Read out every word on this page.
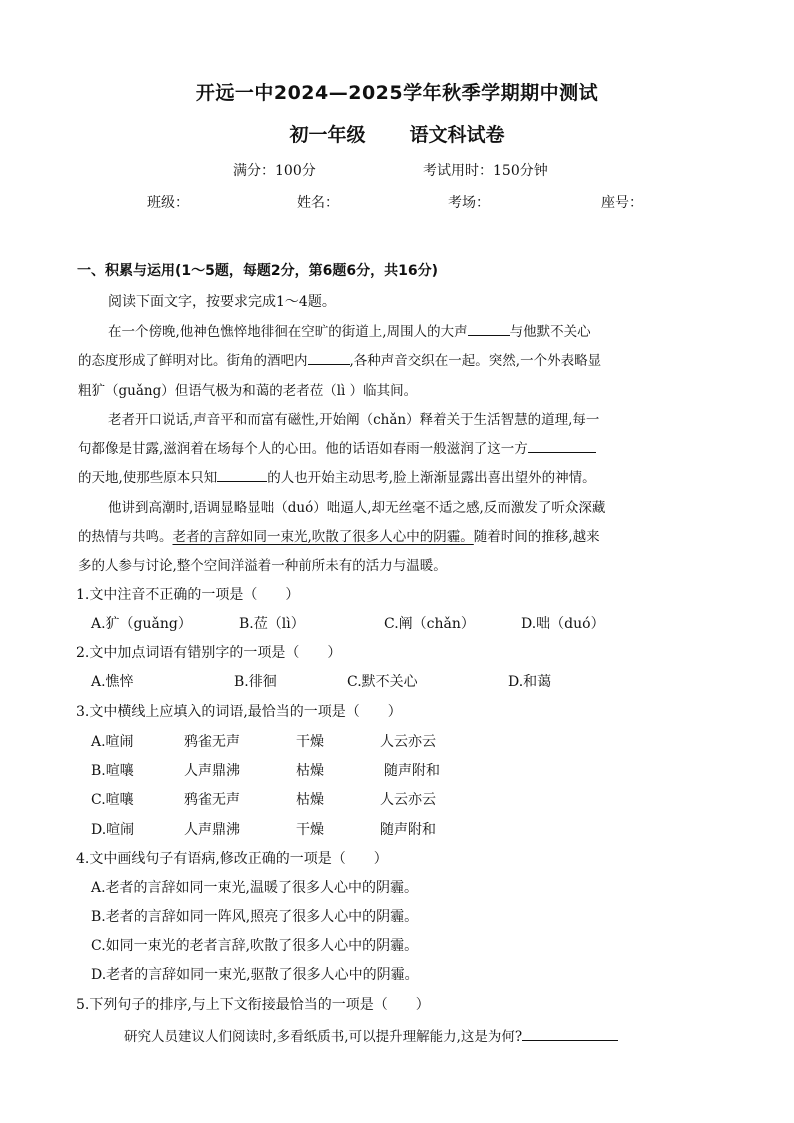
开远一中2024—2025学年秋季学期期中测试
初一年级 语文科试卷
满分：100分	考试用时：150分钟
班级：	姓名：	考场：	座号：
一、积累与运用(1～5题，每题2分，第6题6分，共16分)
阅读下面文字，按要求完成1～4题。
在一个傍晚,他神色憔悴地徘徊在空旷的街道上,周围人的大声	与他默不关心
的态度形成了鲜明对比。街角的酒吧内	,各种声音交织在一起。突然,一个外表略显
粗犷（guǎng）但语气极为和蔼的老者莅（lì ）临其间。
老者开口说话,声音平和而富有磁性,开始阐（chǎn）释着关于生活智慧的道理,每一
句都像是甘露,滋润着在场每个人的心田。他的话语如春雨一般滋润了这一方
的天地,使那些原本只知	的人也开始主动思考,脸上渐渐显露出喜出望外的神情。
他讲到高潮时,语调显略显咄（duó）咄逼人,却无丝毫不适之感,反而激发了听众深藏
的热情与共鸣。老者的言辞如同一束光,吹散了很多人心中的阴霾。随着时间的推移,越来
多的人参与讨论,整个空间洋溢着一种前所未有的活力与温暖。
1.文中注音不正确的一项是（　　）
A.犷（guǎng）	B.莅（lì）	C.阐（chǎn）	D.咄（duó）
2.文中加点词语有错别字的一项是（　　）
A.憔悴	B.徘徊	C.默不关心	D.和蔼
3.文中横线上应填入的词语,最恰当的一项是（　　）
A.喧闹	鸦雀无声	干燥	人云亦云
B.喧嚷	人声鼎沸	枯燥	随声附和
C.喧嚷	鸦雀无声	枯燥	人云亦云
D.喧闹	人声鼎沸	干燥	随声附和
4.文中画线句子有语病,修改正确的一项是（　　）
A.老者的言辞如同一束光,温暖了很多人心中的阴霾。
B.老者的言辞如同一阵风,照亮了很多人心中的阴霾。
C.如同一束光的老者言辞,吹散了很多人心中的阴霾。
D.老者的言辞如同一束光,驱散了很多人心中的阴霾。
5.下列句子的排序,与上下文衔接最恰当的一项是（　　）
研究人员建议人们阅读时,多看纸质书,可以提升理解能力,这是为何?
